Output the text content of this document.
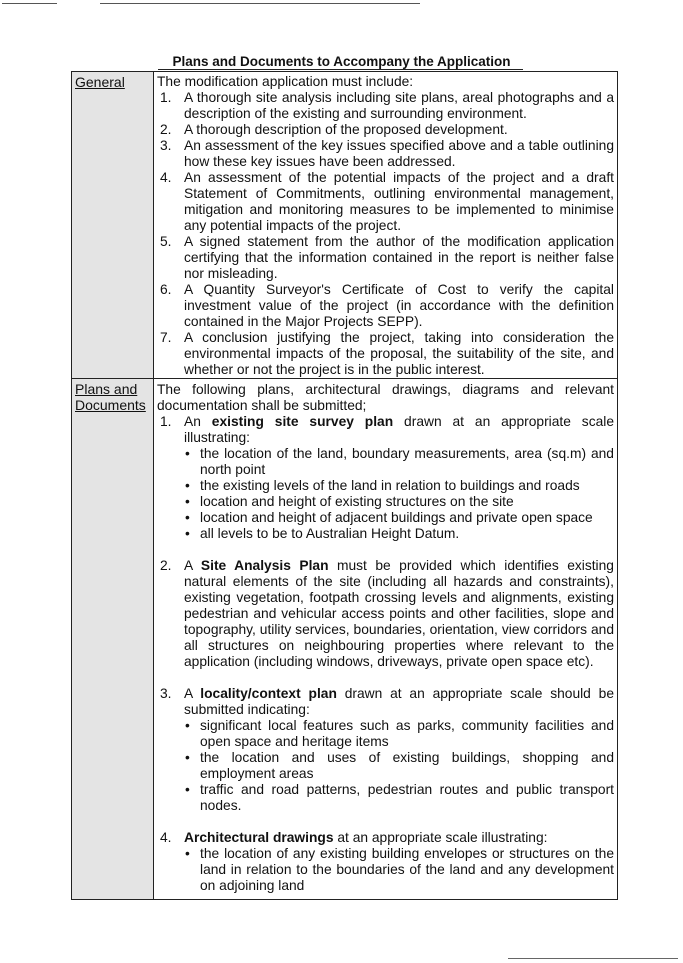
Plans and Documents to Accompany the Application
General	The modification application must include:
1. A thorough site analysis including site plans, areal photographs and a description of the existing and surrounding environment.
2. A thorough description of the proposed development.
3. An assessment of the key issues specified above and a table outlining how these key issues have been addressed.
4. An assessment of the potential impacts of the project and a draft Statement of Commitments, outlining environmental management, mitigation and monitoring measures to be implemented to minimise any potential impacts of the project.
5. A signed statement from the author of the modification application certifying that the information contained in the report is neither false nor misleading.
6. A Quantity Surveyor's Certificate of Cost to verify the capital investment value of the project (in accordance with the definition contained in the Major Projects SEPP).
7. A conclusion justifying the project, taking into consideration the environmental impacts of the proposal, the suitability of the site, and whether or not the project is in the public interest.
Plans and Documents
The following plans, architectural drawings, diagrams and relevant documentation shall be submitted;
1. An existing site survey plan drawn at an appropriate scale illustrating:
• the location of the land, boundary measurements, area (sq.m) and north point
• the existing levels of the land in relation to buildings and roads
• location and height of existing structures on the site
• location and height of adjacent buildings and private open space
• all levels to be to Australian Height Datum.
2. A Site Analysis Plan must be provided which identifies existing natural elements of the site (including all hazards and constraints), existing vegetation, footpath crossing levels and alignments, existing pedestrian and vehicular access points and other facilities, slope and topography, utility services, boundaries, orientation, view corridors and all structures on neighbouring properties where relevant to the application (including windows, driveways, private open space etc).
3. A locality/context plan drawn at an appropriate scale should be submitted indicating:
• significant local features such as parks, community facilities and open space and heritage items
• the location and uses of existing buildings, shopping and employment areas
• traffic and road patterns, pedestrian routes and public transport nodes.
4. Architectural drawings at an appropriate scale illustrating:
• the location of any existing building envelopes or structures on the land in relation to the boundaries of the land and any development on adjoining land
